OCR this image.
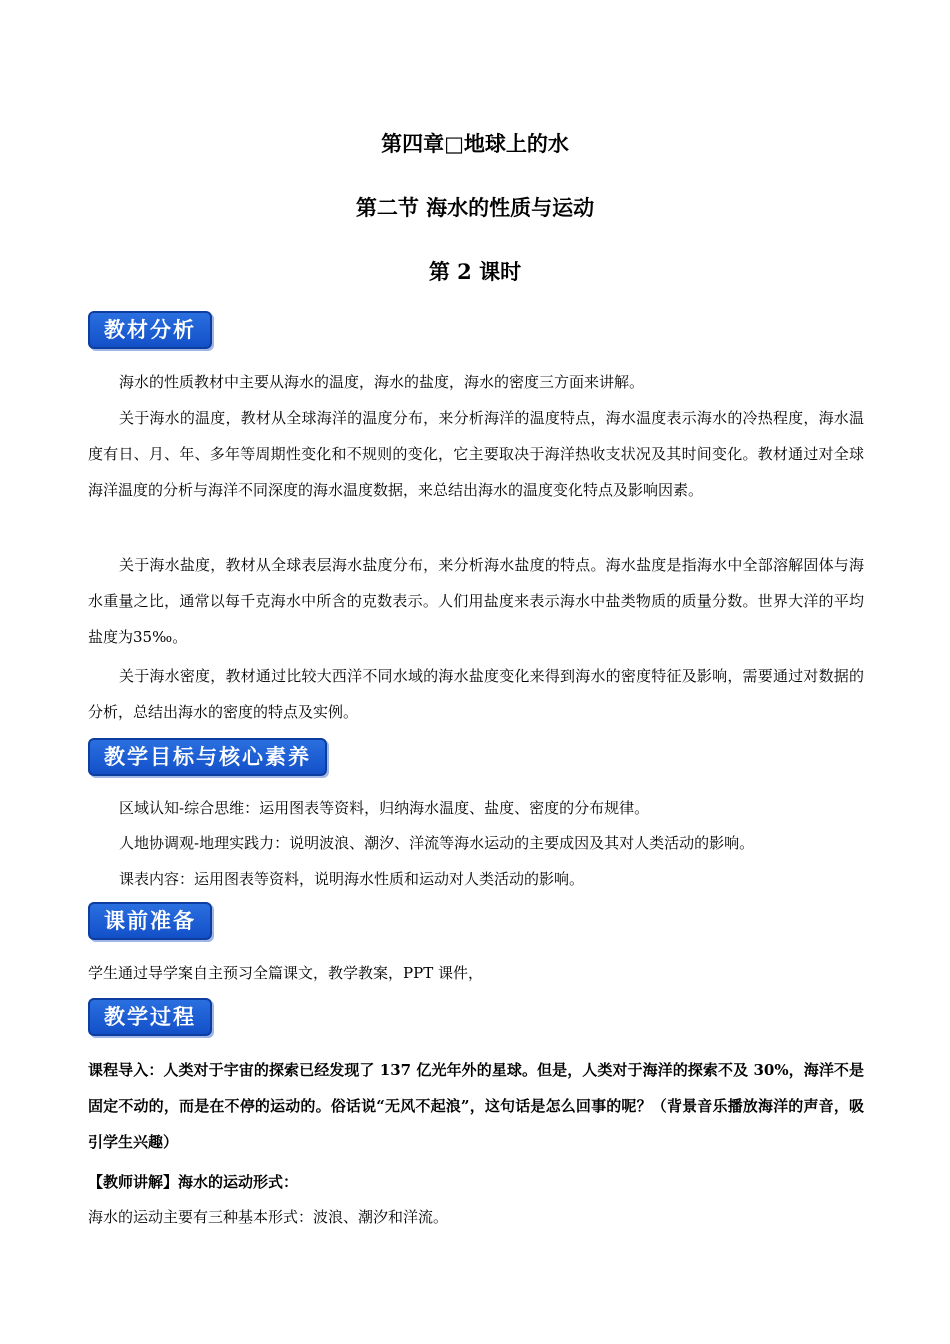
第四章□地球上的水
第二节 海水的性质与运动
第 2 课时
教材分析

海水的性质教材中主要从海水的温度，海水的盐度，海水的密度三方面来讲解。

关于海水的温度，教材从全球海洋的温度分布，来分析海洋的温度特点，海水温度表示海水的冷热程度，海水温度有日、月、年、多年等周期性变化和不规则的变化，它主要取决于海洋热收支状况及其时间变化。教材通过对全球海洋温度的分析与海洋不同深度的海水温度数据，来总结出海水的温度变化特点及影响因素。

关于海水盐度，教材从全球表层海水盐度分布，来分析海水盐度的特点。海水盐度是指海水中全部溶解固体与海水重量之比，通常以每千克海水中所含的克数表示。人们用盐度来表示海水中盐类物质的质量分数。世界大洋的平均盐度为35‰。

关于海水密度，教材通过比较大西洋不同水域的海水盐度变化来得到海水的密度特征及影响，需要通过对数据的分析，总结出海水的密度的特点及实例。

教学目标与核心素养
区域认知-综合思维：运用图表等资料，归纳海水温度、盐度、密度的分布规律。
人地协调观-地理实践力：说明波浪、潮汐、洋流等海水运动的主要成因及其对人类活动的影响。
课表内容：运用图表等资料，说明海水性质和运动对人类活动的影响。
课前准备
学生通过导学案自主预习全篇课文，教学教案，PPT 课件，
教学过程

课程导入：人类对于宇宙的探索已经发现了 137 亿光年外的星球。但是，人类对于海洋的探索不及 30%，海洋不是固定不动的，而是在不停的运动的。俗话说“无风不起浪”，这句话是怎么回事的呢？（背景音乐播放海洋的声音，吸引学生兴趣）

【教师讲解】海水的运动形式：
海水的运动主要有三种基本形式：波浪、潮汐和洋流。
